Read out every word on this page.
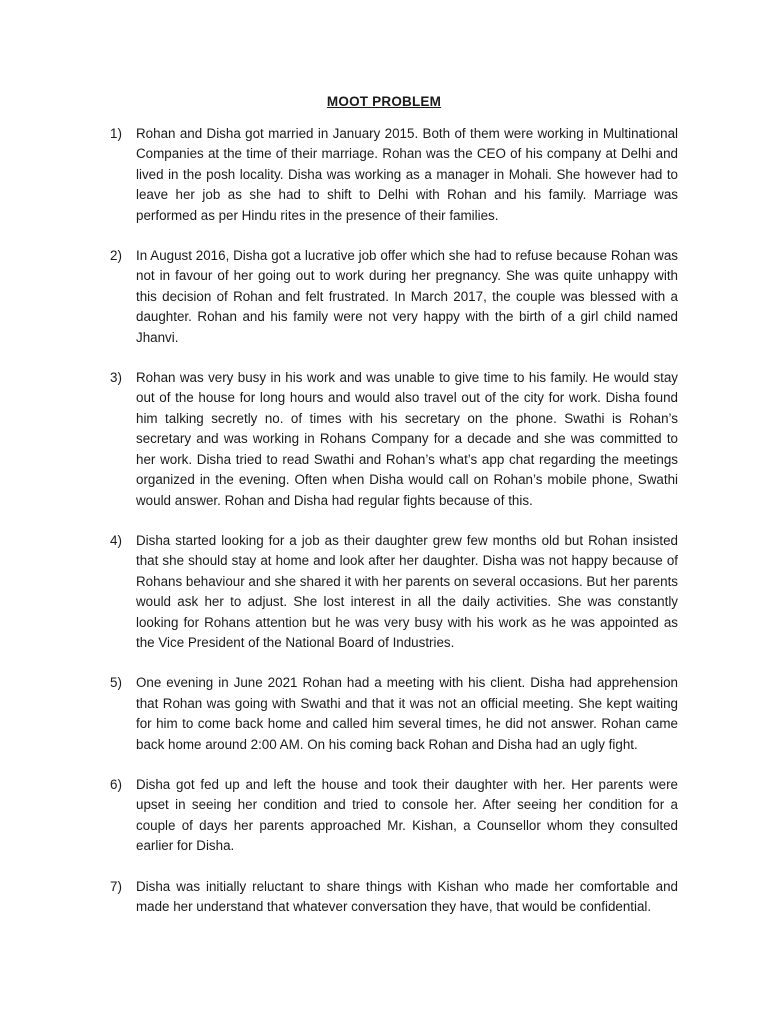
MOOT PROBLEM
1) Rohan and Disha got married in January 2015. Both of them were working in Multinational Companies at the time of their marriage. Rohan was the CEO of his company at Delhi and lived in the posh locality. Disha was working as a manager in Mohali. She however had to leave her job as she had to shift to Delhi with Rohan and his family. Marriage was performed as per Hindu rites in the presence of their families.
2) In August 2016, Disha got a lucrative job offer which she had to refuse because Rohan was not in favour of her going out to work during her pregnancy. She was quite unhappy with this decision of Rohan and felt frustrated. In March 2017, the couple was blessed with a daughter. Rohan and his family were not very happy with the birth of a girl child named Jhanvi.
3) Rohan was very busy in his work and was unable to give time to his family. He would stay out of the house for long hours and would also travel out of the city for work. Disha found him talking secretly no. of times with his secretary on the phone. Swathi is Rohan’s secretary and was working in Rohans Company for a decade and she was committed to her work. Disha tried to read Swathi and Rohan’s what’s app chat regarding the meetings organized in the evening. Often when Disha would call on Rohan’s mobile phone, Swathi would answer. Rohan and Disha had regular fights because of this.
4) Disha started looking for a job as their daughter grew few months old but Rohan insisted that she should stay at home and look after her daughter. Disha was not happy because of Rohans behaviour and she shared it with her parents on several occasions. But her parents would ask her to adjust. She lost interest in all the daily activities. She was constantly looking for Rohans attention but he was very busy with his work as he was appointed as the Vice President of the National Board of Industries.
5) One evening in June 2021 Rohan had a meeting with his client. Disha had apprehension that Rohan was going with Swathi and that it was not an official meeting. She kept waiting for him to come back home and called him several times, he did not answer. Rohan came back home around 2:00 AM. On his coming back Rohan and Disha had an ugly fight.
6) Disha got fed up and left the house and took their daughter with her. Her parents were upset in seeing her condition and tried to console her. After seeing her condition for a couple of days her parents approached Mr. Kishan, a Counsellor whom they consulted earlier for Disha.
7) Disha was initially reluctant to share things with Kishan who made her comfortable and made her understand that whatever conversation they have, that would be confidential.
